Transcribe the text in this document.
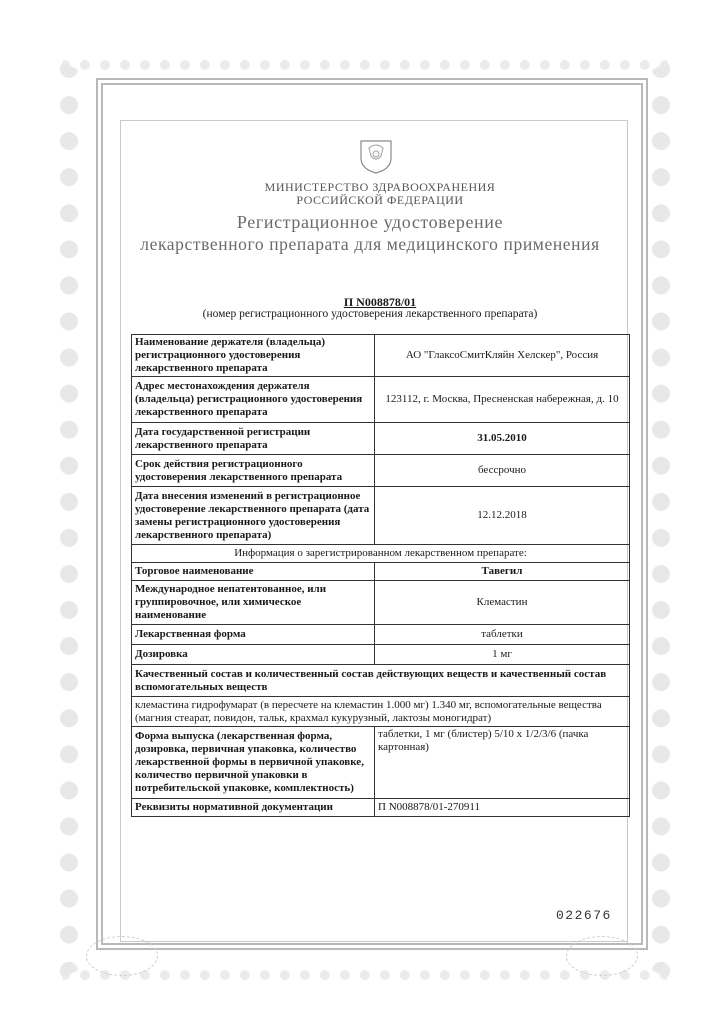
МИНИСТЕРСТВО ЗДРАВООХРАНЕНИЯ
РОССИЙСКОЙ ФЕДЕРАЦИИ
Регистрационное удостоверение
лекарственного препарата для медицинского применения
П N008878/01
(номер регистрационного удостоверения лекарственного препарата)
Наименование держателя (владельца) регистрационного удостоверения лекарственного препарата	АО "ГлаксоСмитКляйн Хелскер", Россия
Адрес местонахождения держателя (владельца) регистрационного удостоверения лекарственного препарата	123112, г. Москва, Пресненская набережная, д. 10
Дата государственной регистрации лекарственного препарата	31.05.2010
Срок действия регистрационного удостоверения лекарственного препарата	бессрочно
Дата внесения изменений в регистрационное удостоверение лекарственного препарата (дата замены регистрационного удостоверения лекарственного препарата)	12.12.2018
Информация о зарегистрированном лекарственном препарате:	
Торговое наименование	Тавегил
Международное непатентованное, или группировочное, или химическое наименование	Клемастин
Лекарственная форма	таблетки
Дозировка	1 мг
Качественный состав и количественный состав действующих веществ и качественный состав вспомогательных веществ	
клемастина гидрофумарат (в пересчете на клемастин 1.000 мг) 1.340 мг, вспомогательные вещества (магния стеарат, повидон, тальк, крахмал кукурузный, лактозы моногидрат)	
Форма выпуска (лекарственная форма, дозировка, первичная упаковка, количество лекарственной формы в первичной упаковке, количество первичной упаковки в потребительской упаковке, комплектность)	таблетки, 1 мг (блистер) 5/10 x 1/2/3/6 (пачка картонная)
Реквизиты нормативной документации	П N008878/01-270911
022676
